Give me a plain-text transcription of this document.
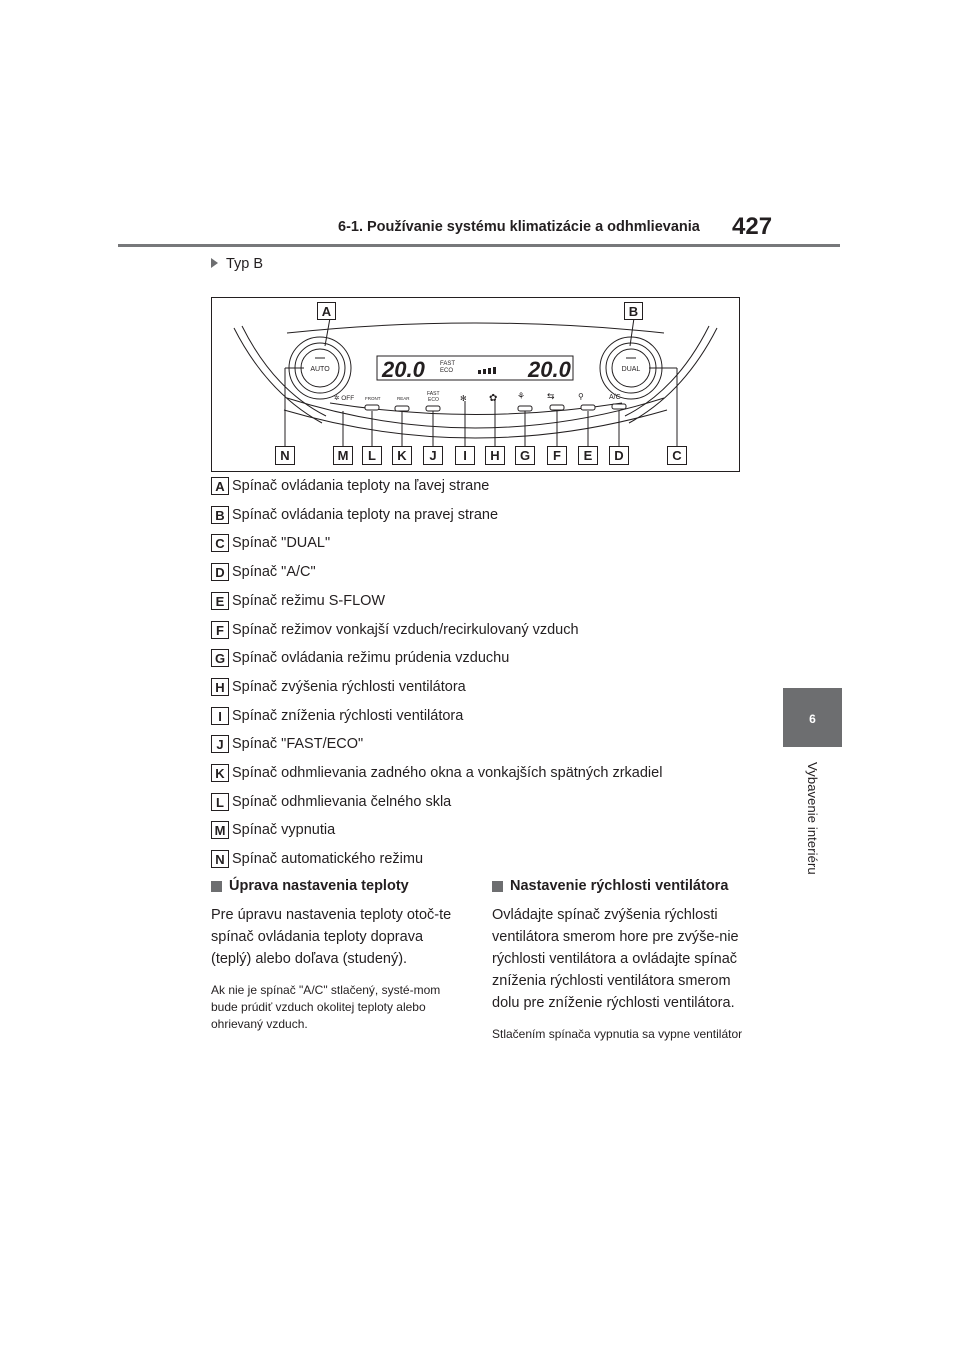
6-1. Používanie systému klimatizácie a odhmlievania 427
6
Vybavenie interiéru
Typ B
20.0	20.0
FAST
ECO
AUTO	DUAL
✲ OFF FRONT	REAR
FAST
ECO	✻ ✿ ⚘ ⇆	⚲	A/C
A	B
N	M	L	K	J	I	H	G	F	E	D	C
A Spínač ovládania teploty na ľavej strane
B Spínač ovládania teploty na pravej strane
C Spínač "DUAL"
D Spínač "A/C"
E Spínač režimu S-FLOW
F Spínač režimov vonkajší vzduch/recirkulovaný vzduch
G Spínač ovládania režimu prúdenia vzduchu
H Spínač zvýšenia rýchlosti ventilátora
I Spínač zníženia rýchlosti ventilátora
J Spínač "FAST/ECO"
K Spínač odhmlievania zadného okna a vonkajších spätných zrkadiel
L Spínač odhmlievania čelného skla
M Spínač vypnutia
N Spínač automatického režimu

Úprava nastavenia teploty

Pre úpravu nastavenia teploty otoč-te spínač ovládania teploty doprava (teplý) alebo doľava (studený).

Ak nie je spínač "A/C" stlačený, systé-mom bude prúdiť vzduch okolitej teploty alebo ohrievaný vzduch.

Nastavenie rýchlosti ventilátora

Ovládajte spínač zvýšenia rýchlosti ventilátora smerom hore pre zvýše-nie rýchlosti ventilátora a ovládajte spínač zníženia rýchlosti ventilátora smerom dolu pre zníženie rýchlosti ventilátora.

Stlačením spínača vypnutia sa vypne ventilátor
